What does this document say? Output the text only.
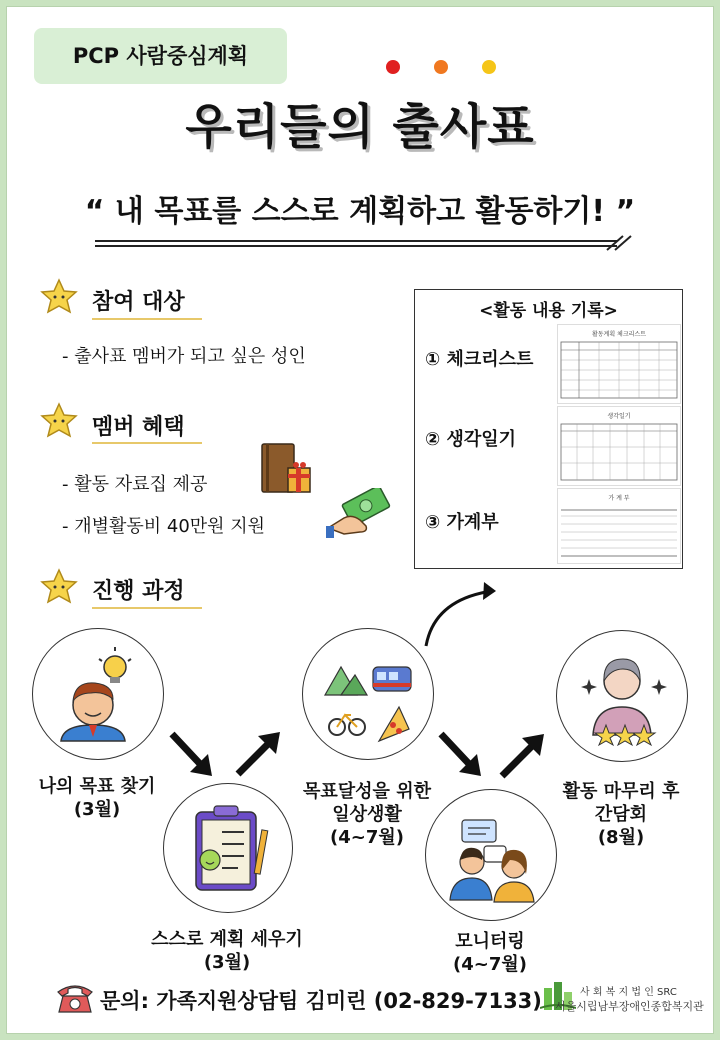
PCP 사람중심계획
우리들의 출사표
“ 내 목표를 스스로 계획하고 활동하기! ”
참여 대상
- 출사표 멤버가 되고 싶은 성인
멤버 혜택
- 활동 자료집 제공
- 개별활동비 40만원 지원
진행 과정
<활동 내용 기록>
① 체크리스트
활동계획 체크리스트
② 생각일기
생각일기
③ 가계부
가 계 부
나의 목표 찾기
(3월)
스스로 계획 세우기
(3월)
목표달성을 위한
일상생활
(4~7월)
모니터링
(4~7월)
활동 마무리 후
간담회
(8월)
문의: 가족지원상담팀 김미린 (02-829-7133)	사 회 복 지 법 인 SRC
서울시립남부장애인종합복지관
